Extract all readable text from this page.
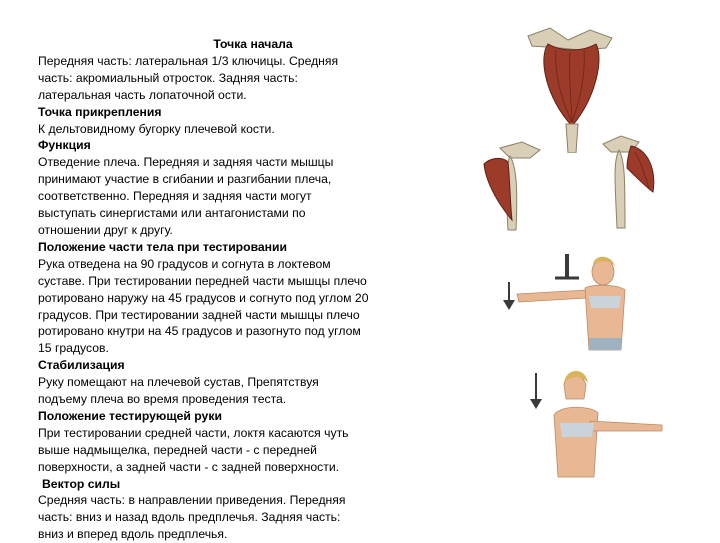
Точка начала

Передняя часть: латеральная 1/3 ключицы. Средняя
часть: акромиальный отросток. Задняя часть:
латеральная часть лопаточной ости.

Точка прикрепления

К дельтовидному бугорку плечевой кости.

Функция

Отведение плеча. Передняя и задняя части мышцы
принимают участие в сгибании и разгибании плеча,
соответственно. Передняя и задняя части могут
выступать синергистами или антагонистами по
отношении друг к другу.

Положение части тела при тестировании

Рука отведена на 90 градусов и согнута в локтевом
суставе. При тестировании передней части мышцы плечо
ротировано наружу на 45 градусов и согнуто под углом 20
градусов. При тестировании задней части мышцы плечо
ротировано кнутри на 45 градусов и разогнуто под углом
15 градусов.

Стабилизация

Руку помещают на плечевой сустав, Препятствуя
подъему плеча во время проведения теста.

Положение тестирующей руки

При тестировании средней части, локтя касаются чуть
выше надмыщелка, передней части - с передней
поверхности, а задней части - с задней поверхности.

Вектор силы

Средняя часть: в направлении приведения. Передняя
часть: вниз и назад вдоль предплечья. Задняя часть:
вниз и вперед вдоль предплечья.
